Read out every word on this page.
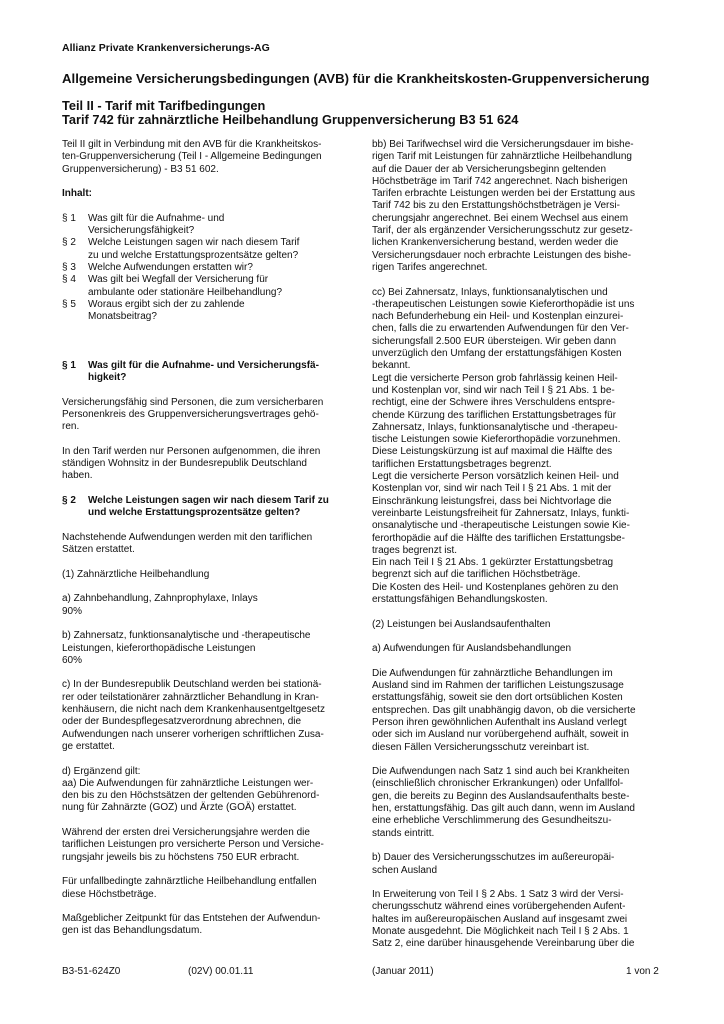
Allianz Private Krankenversicherungs-AG
Allgemeine Versicherungsbedingungen (AVB) für die Krankheitskosten-Gruppenversicherung
Teil II - Tarif mit Tarifbedingungen
Tarif 742 für zahnärztliche Heilbehandlung Gruppenversicherung B3 51 624

Teil II gilt in Verbindung mit den AVB für die Krankheitskos-
ten-Gruppenversicherung (Teil I - Allgemeine Bedingungen
Gruppenversicherung) - B3 51 602.

Inhalt:

§ 1	Was gilt für die Aufnahme- und
Versicherungsfähigkeit?
§ 2	Welche Leistungen sagen wir nach diesem Tarif
zu und welche Erstattungsprozentsätze gelten?
§ 3	Welche Aufwendungen erstatten wir?
§ 4	Was gilt bei Wegfall der Versicherung für
ambulante oder stationäre Heilbehandlung?
§ 5	Woraus ergibt sich der zu zahlende
Monatsbeitrag?
§ 1	Was gilt für die Aufnahme- und Versicherungsfä-
higkeit?

Versicherungsfähig sind Personen, die zum versicherbaren
Personenkreis des Gruppenversicherungsvertrages gehö-
ren.

In den Tarif werden nur Personen aufgenommen, die ihren
ständigen Wohnsitz in der Bundesrepublik Deutschland
haben.

§ 2	Welche Leistungen sagen wir nach diesem Tarif zu
und welche Erstattungsprozentsätze gelten?

Nachstehende Aufwendungen werden mit den tariflichen
Sätzen erstattet.

(1) Zahnärztliche Heilbehandlung

a) Zahnbehandlung, Zahnprophylaxe, Inlays
90%

b) Zahnersatz, funktionsanalytische und -therapeutische
Leistungen, kieferorthopädische Leistungen
60%

c) In der Bundesrepublik Deutschland werden bei stationä-
rer oder teilstationärer zahnärztlicher Behandlung in Kran-
kenhäusern, die nicht nach dem Krankenhausentgeltgesetz
oder der Bundespflegesatzverordnung abrechnen, die
Aufwendungen nach unserer vorherigen schriftlichen Zusa-
ge erstattet.

d) Ergänzend gilt:
aa) Die Aufwendungen für zahnärztliche Leistungen wer-
den bis zu den Höchstsätzen der geltenden Gebührenord-
nung für Zahnärzte (GOZ) und Ärzte (GOÄ) erstattet.

Während der ersten drei Versicherungsjahre werden die
tariflichen Leistungen pro versicherte Person und Versiche-
rungsjahr jeweils bis zu höchstens 750 EUR erbracht.

Für unfallbedingte zahnärztliche Heilbehandlung entfallen
diese Höchstbeträge.

Maßgeblicher Zeitpunkt für das Entstehen der Aufwendun-
gen ist das Behandlungsdatum.

bb) Bei Tarifwechsel wird die Versicherungsdauer im bishe-
rigen Tarif mit Leistungen für zahnärztliche Heilbehandlung
auf die Dauer der ab Versicherungsbeginn geltenden
Höchstbeträge im Tarif 742 angerechnet. Nach bisherigen
Tarifen erbrachte Leistungen werden bei der Erstattung aus
Tarif 742 bis zu den Erstattungshöchstbeträgen je Versi-
cherungsjahr angerechnet. Bei einem Wechsel aus einem
Tarif, der als ergänzender Versicherungsschutz zur gesetz-
lichen Krankenversicherung bestand, werden weder die
Versicherungsdauer noch erbrachte Leistungen des bishe-
rigen Tarifes angerechnet.

cc) Bei Zahnersatz, Inlays, funktionsanalytischen und
-therapeutischen Leistungen sowie Kieferorthopädie ist uns
nach Befunderhebung ein Heil- und Kostenplan einzurei-
chen, falls die zu erwartenden Aufwendungen für den Ver-
sicherungsfall 2.500 EUR übersteigen. Wir geben dann
unverzüglich den Umfang der erstattungsfähigen Kosten
bekannt.
Legt die versicherte Person grob fahrlässig keinen Heil-
und Kostenplan vor, sind wir nach Teil I § 21 Abs. 1 be-
rechtigt, eine der Schwere ihres Verschuldens entspre-
chende Kürzung des tariflichen Erstattungsbetrages für
Zahnersatz, Inlays, funktionsanalytische und -therapeu-
tische Leistungen sowie Kieferorthopädie vorzunehmen.
Diese Leistungskürzung ist auf maximal die Hälfte des
tariflichen Erstattungsbetrages begrenzt.
Legt die versicherte Person vorsätzlich keinen Heil- und
Kostenplan vor, sind wir nach Teil I § 21 Abs. 1 mit der
Einschränkung leistungsfrei, dass bei Nichtvorlage die
vereinbarte Leistungsfreiheit für Zahnersatz, Inlays, funkti-
onsanalytische und -therapeutische Leistungen sowie Kie-
ferorthopädie auf die Hälfte des tariflichen Erstattungsbe-
trages begrenzt ist.
Ein nach Teil I § 21 Abs. 1 gekürzter Erstattungsbetrag
begrenzt sich auf die tariflichen Höchstbeträge.
Die Kosten des Heil- und Kostenplanes gehören zu den
erstattungsfähigen Behandlungskosten.

(2) Leistungen bei Auslandsaufenthalten

a) Aufwendungen für Auslandsbehandlungen

Die Aufwendungen für zahnärztliche Behandlungen im
Ausland sind im Rahmen der tariflichen Leistungszusage
erstattungsfähig, soweit sie den dort ortsüblichen Kosten
entsprechen. Das gilt unabhängig davon, ob die versicherte
Person ihren gewöhnlichen Aufenthalt ins Ausland verlegt
oder sich im Ausland nur vorübergehend aufhält, soweit in
diesen Fällen Versicherungsschutz vereinbart ist.

Die Aufwendungen nach Satz 1 sind auch bei Krankheiten
(einschließlich chronischer Erkrankungen) oder Unfallfol-
gen, die bereits zu Beginn des Auslandsaufenthalts beste-
hen, erstattungsfähig. Das gilt auch dann, wenn im Ausland
eine erhebliche Verschlimmerung des Gesundheitszu-
stands eintritt.

b) Dauer des Versicherungsschutzes im außereuropäi-
schen Ausland

In Erweiterung von Teil I § 2 Abs. 1 Satz 3 wird der Versi-
cherungsschutz während eines vorübergehenden Aufent-
haltes im außereuropäischen Ausland auf insgesamt zwei
Monate ausgedehnt. Die Möglichkeit nach Teil I § 2 Abs. 1
Satz 2, eine darüber hinausgehende Vereinbarung über die

B3-51-624Z0	(02V) 00.01.11	(Januar 2011)	1 von 2
